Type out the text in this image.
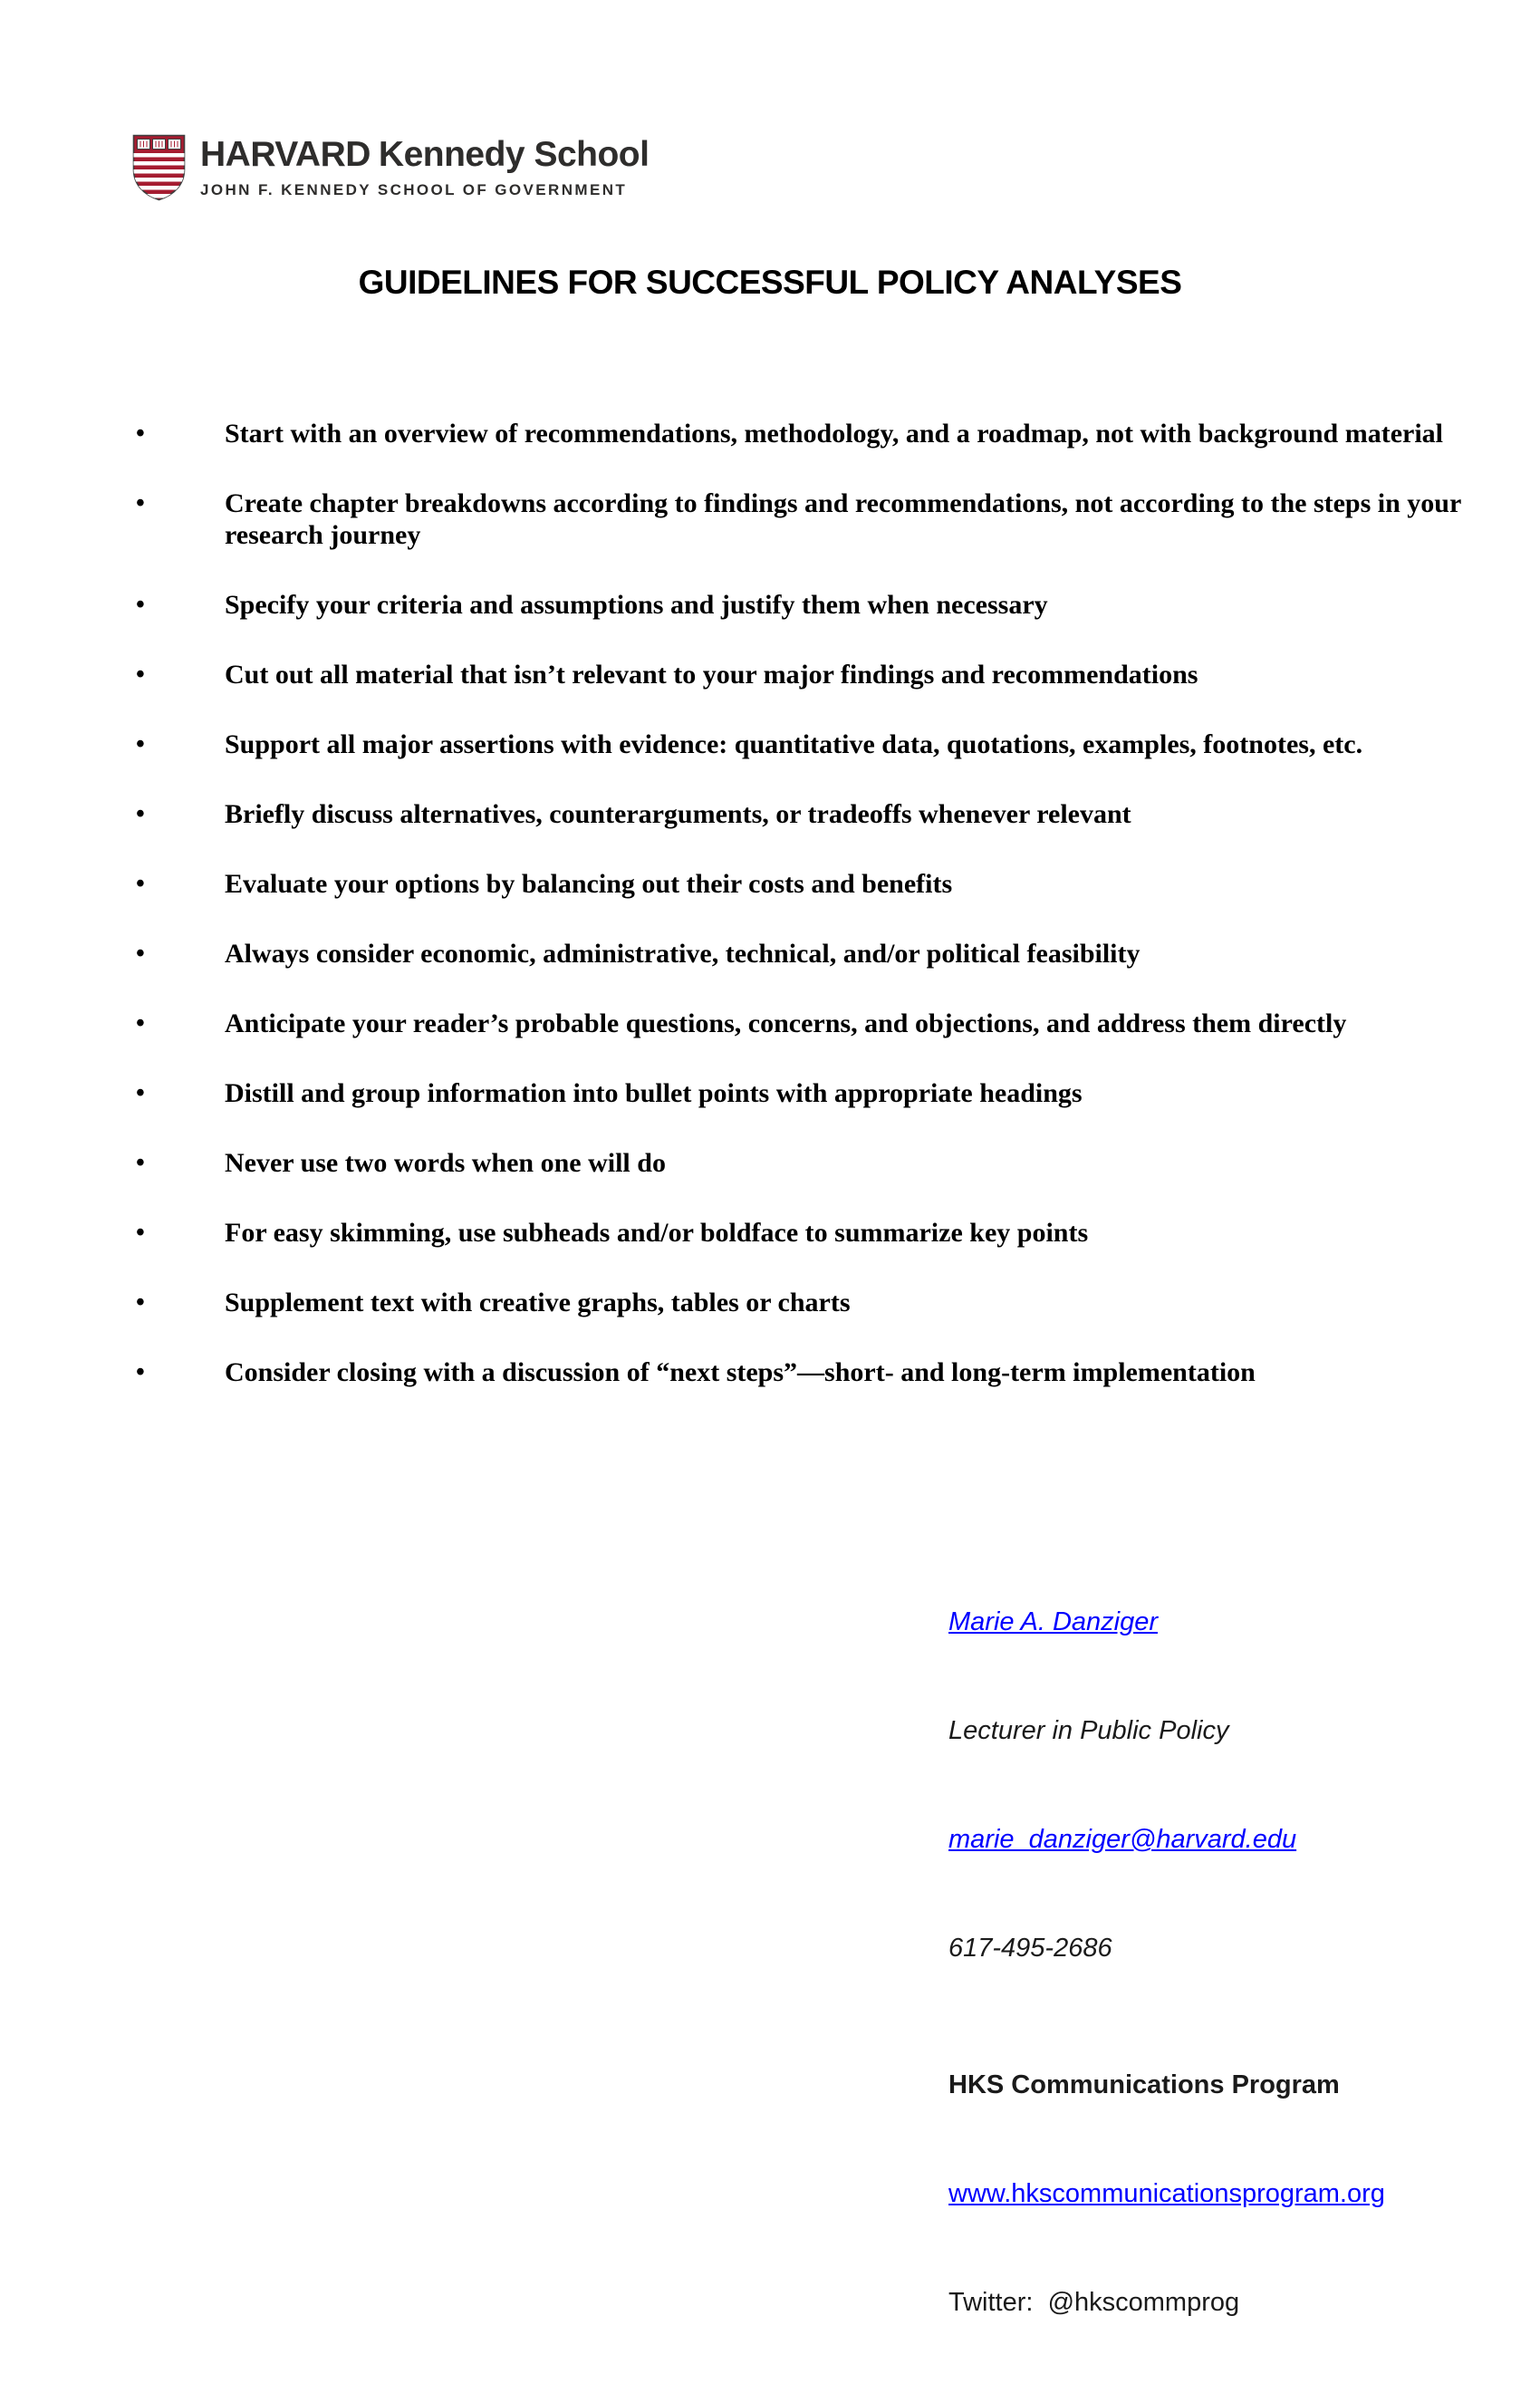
HARVARD Kennedy School
JOHN F. KENNEDY SCHOOL OF GOVERNMENT
GUIDELINES FOR SUCCESSFUL POLICY ANALYSES
•	Start with an overview of recommendations, methodology, and a roadmap, not with background material
•	Create chapter breakdowns according to findings and recommendations, not according to the steps in your research journey
•	Specify your criteria and assumptions and justify them when necessary
•	Cut out all material that isn’t relevant to your major findings and recommendations
•	Support all major assertions with evidence: quantitative data, quotations, examples, footnotes, etc.
•	Briefly discuss alternatives, counterarguments, or tradeoffs whenever relevant
•	Evaluate your options by balancing out their costs and benefits
•	Always consider economic, administrative, technical, and/or political feasibility
•	Anticipate your reader’s probable questions, concerns, and objections, and address them directly
•	Distill and group information into bullet points with appropriate headings
•	Never use two words when one will do
•	For easy skimming, use subheads and/or boldface to summarize key points
•	Supplement text with creative graphs, tables or charts
•	Consider closing with a discussion of “next steps”—short- and long-term implementation

Marie A. Danziger

Lecturer in Public Policy

marie_danziger@harvard.edu

617-495-2686

HKS Communications Program

www.hkscommunicationsprogram.org

Twitter:  @hkscommprog
